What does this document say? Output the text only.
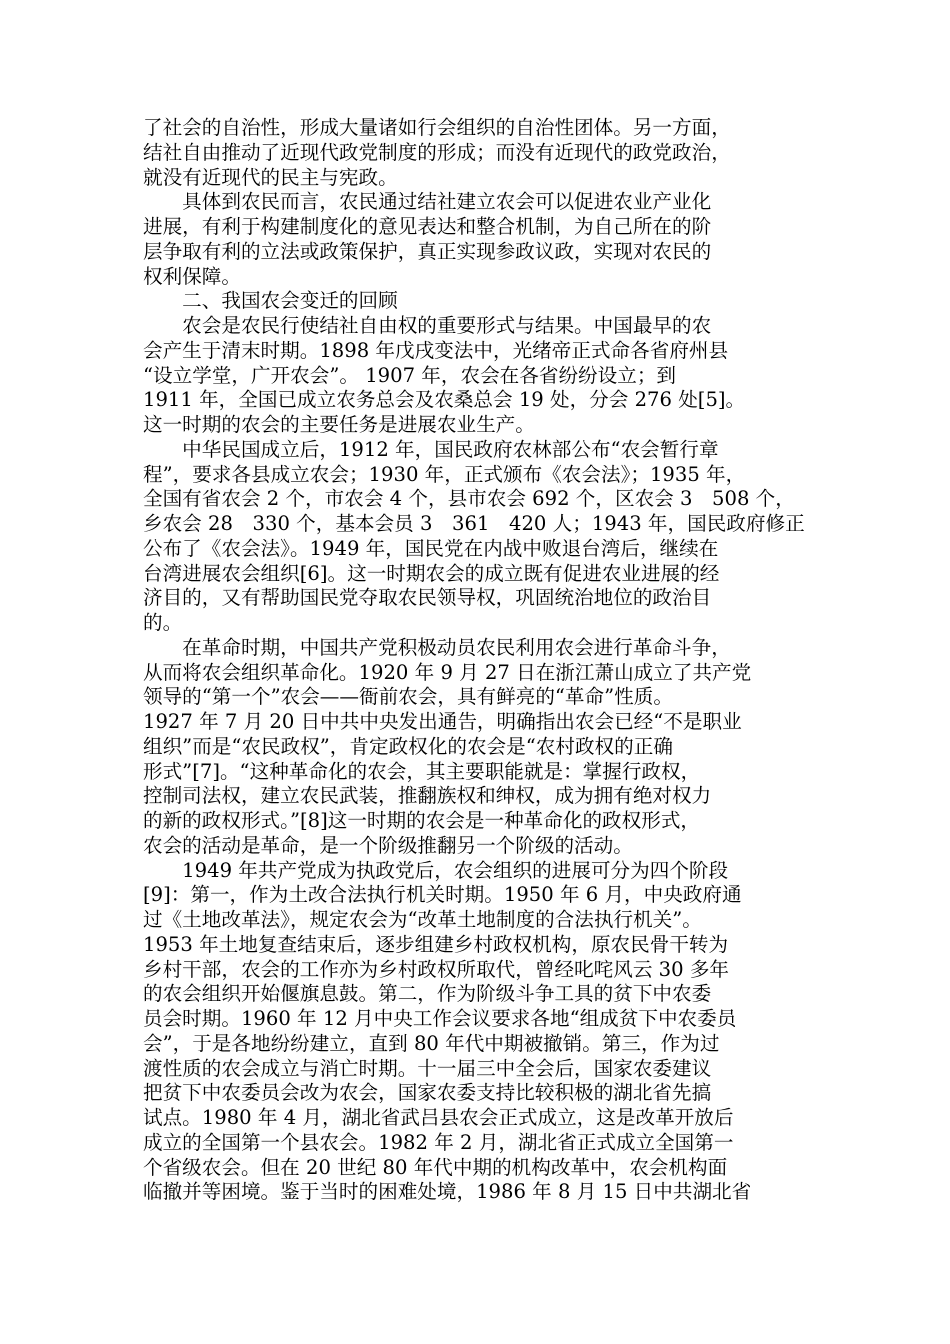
了社会的自治性，形成大量诸如行会组织的自治性团体。另一方面，
结社自由推动了近现代政党制度的形成；而没有近现代的政党政治，
就没有近现代的民主与宪政。
　　具体到农民而言，农民通过结社建立农会可以促进农业产业化
进展，有利于构建制度化的意见表达和整合机制，为自己所在的阶
层争取有利的立法或政策保护，真正实现参政议政，实现对农民的
权利保障。
　　二、我国农会变迁的回顾
　　农会是农民行使结社自由权的重要形式与结果。中国最早的农
会产生于清末时期。1898 年戊戌变法中，光绪帝正式命各省府州县
“设立学堂，广开农会”。 1907 年，农会在各省纷纷设立；到
1911 年，全国已成立农务总会及农桑总会 19 处，分会 276 处[5]。
这一时期的农会的主要任务是进展农业生产。
　　中华民国成立后，1912 年，国民政府农林部公布“农会暂行章
程”，要求各县成立农会；1930 年，正式颁布《农会法》；1935 年，
全国有省农会 2 个，市农会 4 个，县市农会 692 个，区农会 3　508 个，
乡农会 28　330 个，基本会员 3　361　420 人；1943 年，国民政府修正
公布了《农会法》。1949 年，国民党在内战中败退台湾后，继续在
台湾进展农会组织[6]。这一时期农会的成立既有促进农业进展的经
济目的，又有帮助国民党夺取农民领导权，巩固统治地位的政治目
的。
　　在革命时期，中国共产党积极动员农民利用农会进行革命斗争，
从而将农会组织革命化。1920 年 9 月 27 日在浙江萧山成立了共产党
领导的“第一个”农会——衙前农会，具有鲜亮的“革命”性质。
1927 年 7 月 20 日中共中央发出通告，明确指出农会已经“不是职业
组织”而是“农民政权”，肯定政权化的农会是“农村政权的正确
形式”[7]。“这种革命化的农会，其主要职能就是：掌握行政权，
控制司法权，建立农民武装，推翻族权和绅权，成为拥有绝对权力
的新的政权形式。”[8]这一时期的农会是一种革命化的政权形式，
农会的活动是革命，是一个阶级推翻另一个阶级的活动。
　　1949 年共产党成为执政党后，农会组织的进展可分为四个阶段
[9]：第一，作为土改合法执行机关时期。1950 年 6 月，中央政府通
过《土地改革法》，规定农会为“改革土地制度的合法执行机关”。
1953 年土地复查结束后，逐步组建乡村政权机构，原农民骨干转为
乡村干部，农会的工作亦为乡村政权所取代，曾经叱咤风云 30 多年
的农会组织开始偃旗息鼓。第二，作为阶级斗争工具的贫下中农委
员会时期。1960 年 12 月中央工作会议要求各地“组成贫下中农委员
会”，于是各地纷纷建立，直到 80 年代中期被撤销。第三，作为过
渡性质的农会成立与消亡时期。十一届三中全会后，国家农委建议
把贫下中农委员会改为农会，国家农委支持比较积极的湖北省先搞
试点。1980 年 4 月，湖北省武吕县农会正式成立，这是改革开放后
成立的全国第一个县农会。1982 年 2 月，湖北省正式成立全国第一
个省级农会。但在 20 世纪 80 年代中期的机构改革中，农会机构面
临撤并等困境。鉴于当时的困难处境，1986 年 8 月 15 日中共湖北省
